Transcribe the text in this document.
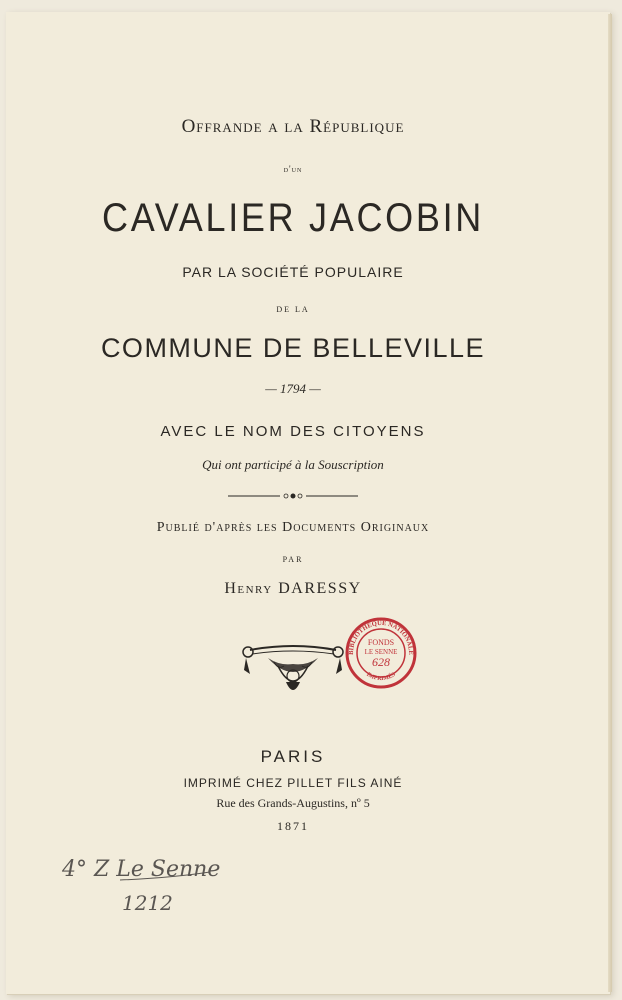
Offrande a la République
d'un
CAVALIER JACOBIN
PAR LA SOCIÉTÉ POPULAIRE
DE LA
COMMUNE DE BELLEVILLE
— 1794 —
AVEC LE NOM DES CITOYENS
Qui ont participé à la Souscription
Publié d'après les Documents Originaux
PAR
Henry DARESSY
BIBLIOTHÈQUE NATIONALE
IMPRIMÉS
FONDS
LE SENNE
628
PARIS
IMPRIMÉ CHEZ PILLET FILS AINÉ
Rue des Grands-Augustins, nº 5
1871
4° Z Le Senne
1212
